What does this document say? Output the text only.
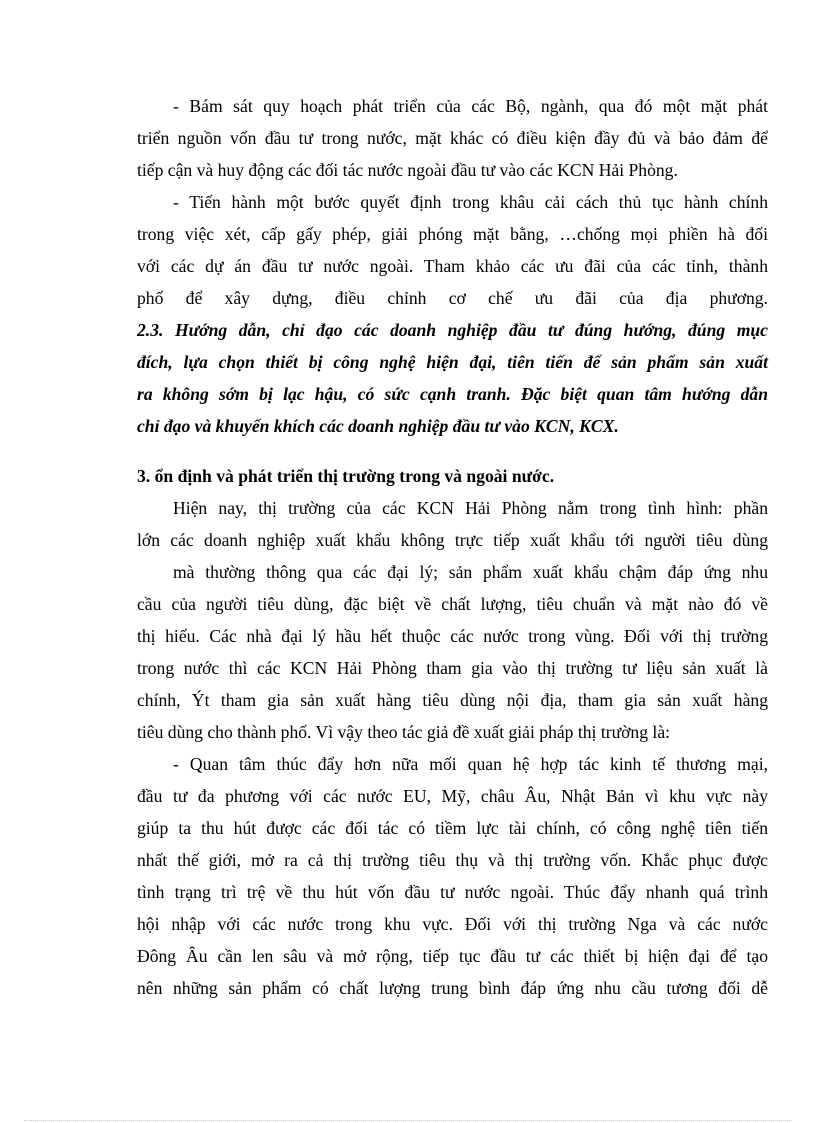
- Bám sát quy hoạch phát triển của các Bộ, ngành, qua đó một mặt phát
triển nguồn vốn đầu tư trong nước, mặt khác có điều kiện đầy đủ và bảo đảm để
tiếp cận và huy động các đối tác nước ngoài đầu tư vào các KCN Hải Phòng.
- Tiến hành một bước quyết định trong khâu cải cách thủ tục hành chính
trong việc xét, cấp gấy phép, giải phóng mặt bằng, …chống mọi phiền hà đối
với các dự án đầu tư nước ngoài. Tham khảo các ưu đãi của các tỉnh, thành
phố để xây dựng, điều chỉnh cơ chế ưu đãi của địa phương.
2.3. Hướng dẫn, chỉ đạo các doanh nghiệp đầu tư đúng hướng, đúng mục
đích, lựa chọn thiết bị công nghệ hiện đại, tiên tiến để sản phẩm sản xuất
ra không sớm bị lạc hậu, có sức cạnh tranh. Đặc biệt quan tâm hướng dẫn
chỉ đạo và khuyến khích các doanh nghiệp đầu tư vào KCN, KCX.
3. ổn định và phát triển thị trường trong và ngoài nước.
Hiện nay, thị trường của các KCN Hải Phòng nằm trong tình hình: phần
lớn các doanh nghiệp xuất khẩu không trực tiếp xuất khẩu tới người tiêu dùng
mà thường thông qua các đại lý; sản phẩm xuất khẩu chậm đáp ứng nhu
cầu của người tiêu dùng, đặc biệt về chất lượng, tiêu chuẩn và mặt nào đó về
thị hiếu. Các nhà đại lý hầu hết thuộc các nước trong vùng. Đối với thị trường
trong nước thì các KCN Hải Phòng tham gia vào thị trường tư liệu sản xuất là
chính, Ýt tham gia sản xuất hàng tiêu dùng nội địa, tham gia sản xuất hàng
tiêu dùng cho thành phố. Vì vậy theo tác giả đề xuất giải pháp thị trường là:
- Quan tâm thúc đẩy hơn nữa mối quan hệ hợp tác kinh tế thương mại,
đầu tư đa phương với các nước EU, Mỹ, châu Âu, Nhật Bản vì khu vực này
giúp ta thu hút được các đối tác có tiềm lực tài chính, có công nghệ tiên tiến
nhất thế giới, mở ra cả thị trường tiêu thụ và thị trường vốn. Khắc phục được
tình trạng trì trệ về thu hút vốn đầu tư nước ngoài. Thúc đẩy nhanh quá trình
hội nhập với các nước trong khu vực. Đối với thị trường Nga và các nước
Đông Âu cần len sâu và mở rộng, tiếp tục đầu tư các thiết bị hiện đại để tạo
nên những sản phẩm có chất lượng trung bình đáp ứng nhu cầu tương đối dễ
